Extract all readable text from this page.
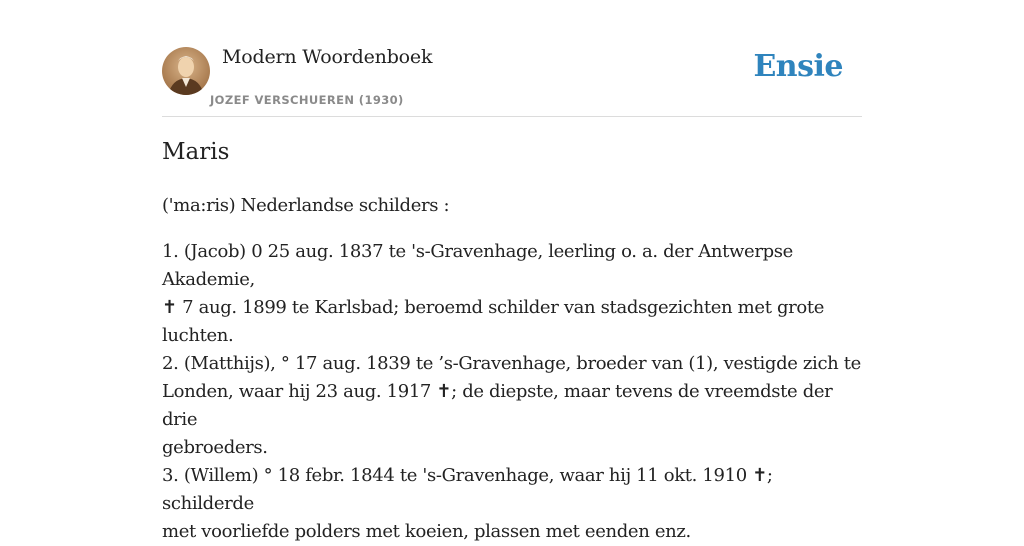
Modern Woordenboek
JOZEF VERSCHUEREN (1930)
Ensie
Maris

('ma:ris) Nederlandse schilders :

1. (Jacob) 0 25 aug. 1837 te 's-Gravenhage, leerling o. a. der Antwerpse Akademie,

✝ 7 aug. 1899 te Karlsbad; beroemd schilder van stadsgezichten met grote luchten.

2. (Matthijs), ° 17 aug. 1839 te ’s-Gravenhage, broeder van (1), vestigde zich te

Londen, waar hij 23 aug. 1917 ✝; de diepste, maar tevens de vreemdste der drie

gebroeders.

3. (Willem) ° 18 febr. 1844 te 's-Gravenhage, waar hij 11 okt. 1910 ✝; schilderde

met voorliefde polders met koeien, plassen met eenden enz.
